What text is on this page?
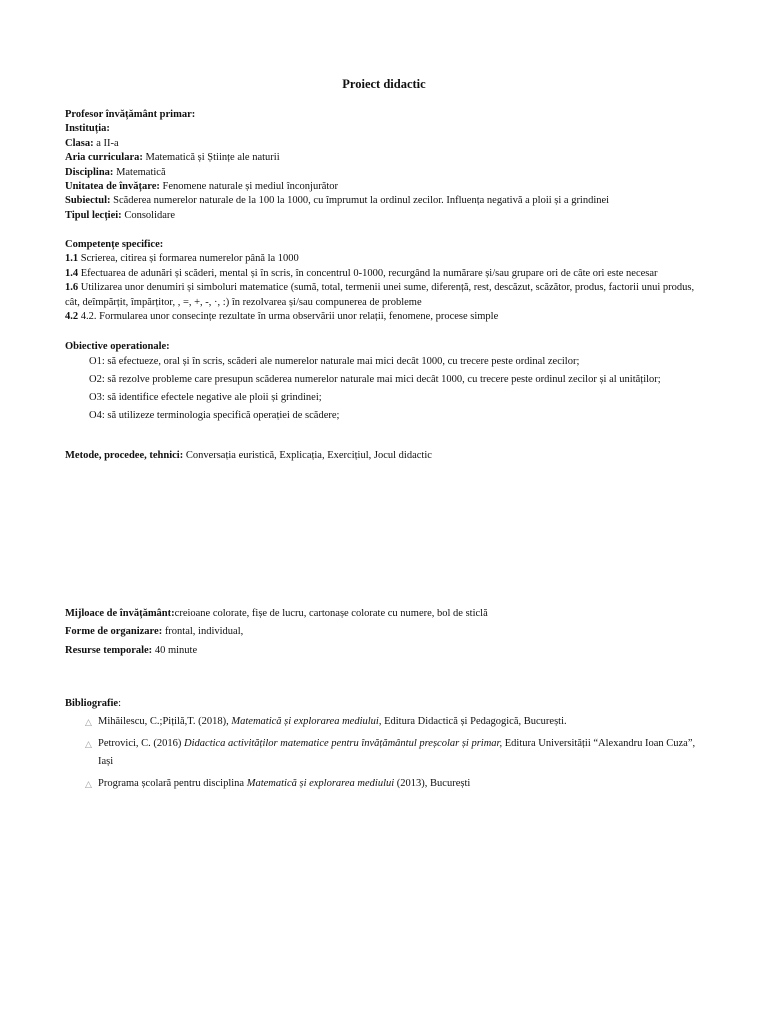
Proiect didactic
Profesor învățământ primar:
Instituția:
Clasa: a II-a
Aria curriculara: Matematică și Științe ale naturii
Disciplina: Matematică
Unitatea de învățare: Fenomene naturale și mediul înconjurător
Subiectul: Scăderea numerelor naturale de la 100 la 1000, cu împrumut la ordinul zecilor. Influența negativă a ploii și a grindinei
Tipul lecției: Consolidare
Competențe specifice:
1.1 Scrierea, citirea și formarea numerelor până la 1000
1.4 Efectuarea de adunări și scăderi, mental și în scris, în concentrul 0-1000, recurgând la numărare și/sau grupare ori de câte ori este necesar
1.6 Utilizarea unor denumiri și simboluri matematice (sumă, total, termenii unei sume, diferență, rest, descăzut, scăzător, produs, factorii unui produs, cât, deîmpărțit, împărțitor, , =, +, -, ·, :) în rezolvarea și/sau compunerea de probleme
4.2 4.2. Formularea unor consecințe rezultate în urma observării unor relații, fenomene, procese simple
Obiective operationale:
O1: să efectueze, oral și în scris, scăderi ale numerelor naturale mai mici decât 1000, cu trecere peste ordinal zecilor;
O2: să rezolve probleme care presupun scăderea numerelor naturale mai mici decât 1000, cu trecere peste ordinul zecilor și al unităților;
O3: să identifice efectele negative ale ploii și grindinei;
O4: să utilizeze terminologia specifică operației de scădere;
Metode, procedee, tehnici: Conversația euristică, Explicația, Exercițiul, Jocul didactic
Mijloace de învățământ:creioane colorate, fișe de lucru, cartonașe colorate cu numere, bol de sticlă
Forme de organizare: frontal, individual,
Resurse temporale: 40 minute
Bibliografie:
△ Mihăilescu, C.;Pițilă,T. (2018), Matematică și explorarea mediului, Editura Didactică și Pedagogică, București.
△ Petrovici, C. (2016) Didactica activităților matematice pentru învățământul preșcolar și primar, Editura Universității “Alexandru Ioan Cuza”, Iași
△ Programa școlară pentru disciplina Matematică și explorarea mediului (2013), București
